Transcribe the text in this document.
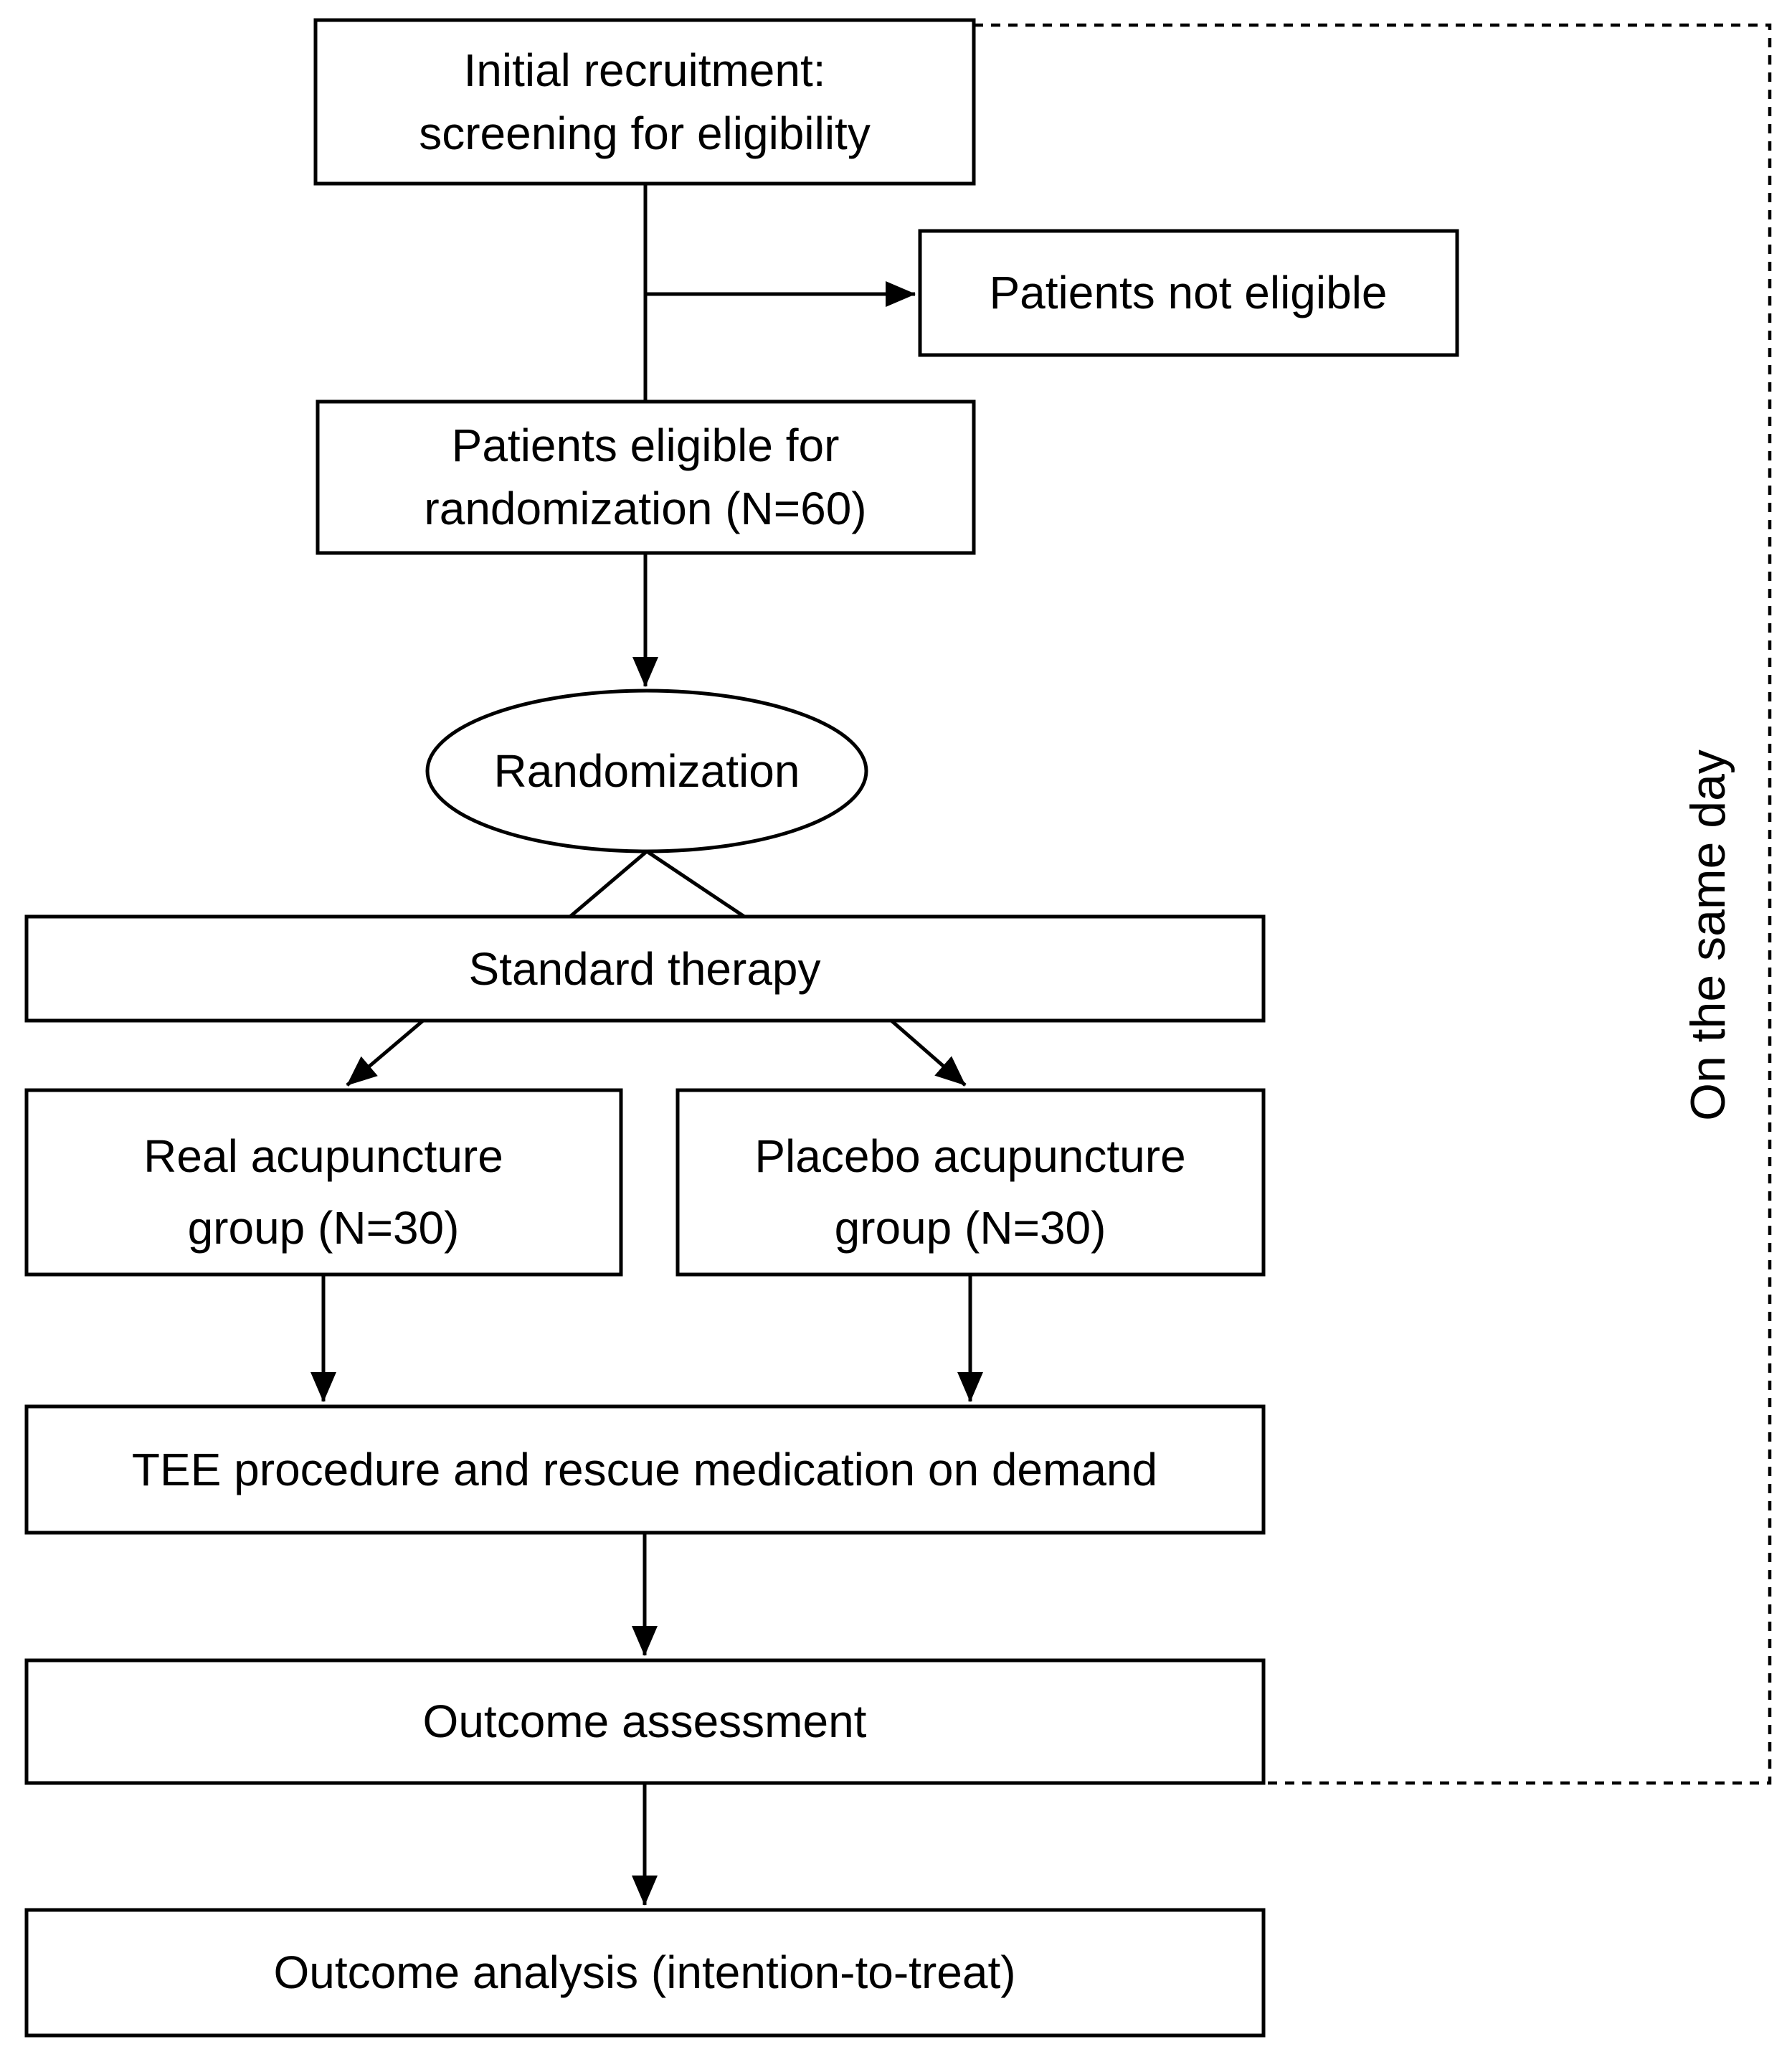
Initial recruitment:
screening for eligibility
Patients not eligible
Patients eligible for
randomization (N=60)
Randomization
Standard therapy
Real acupuncture
group (N=30)
Placebo acupuncture
group (N=30)
TEE procedure and rescue medication on demand
Outcome assessment
Outcome analysis (intention-to-treat)
On the same day
